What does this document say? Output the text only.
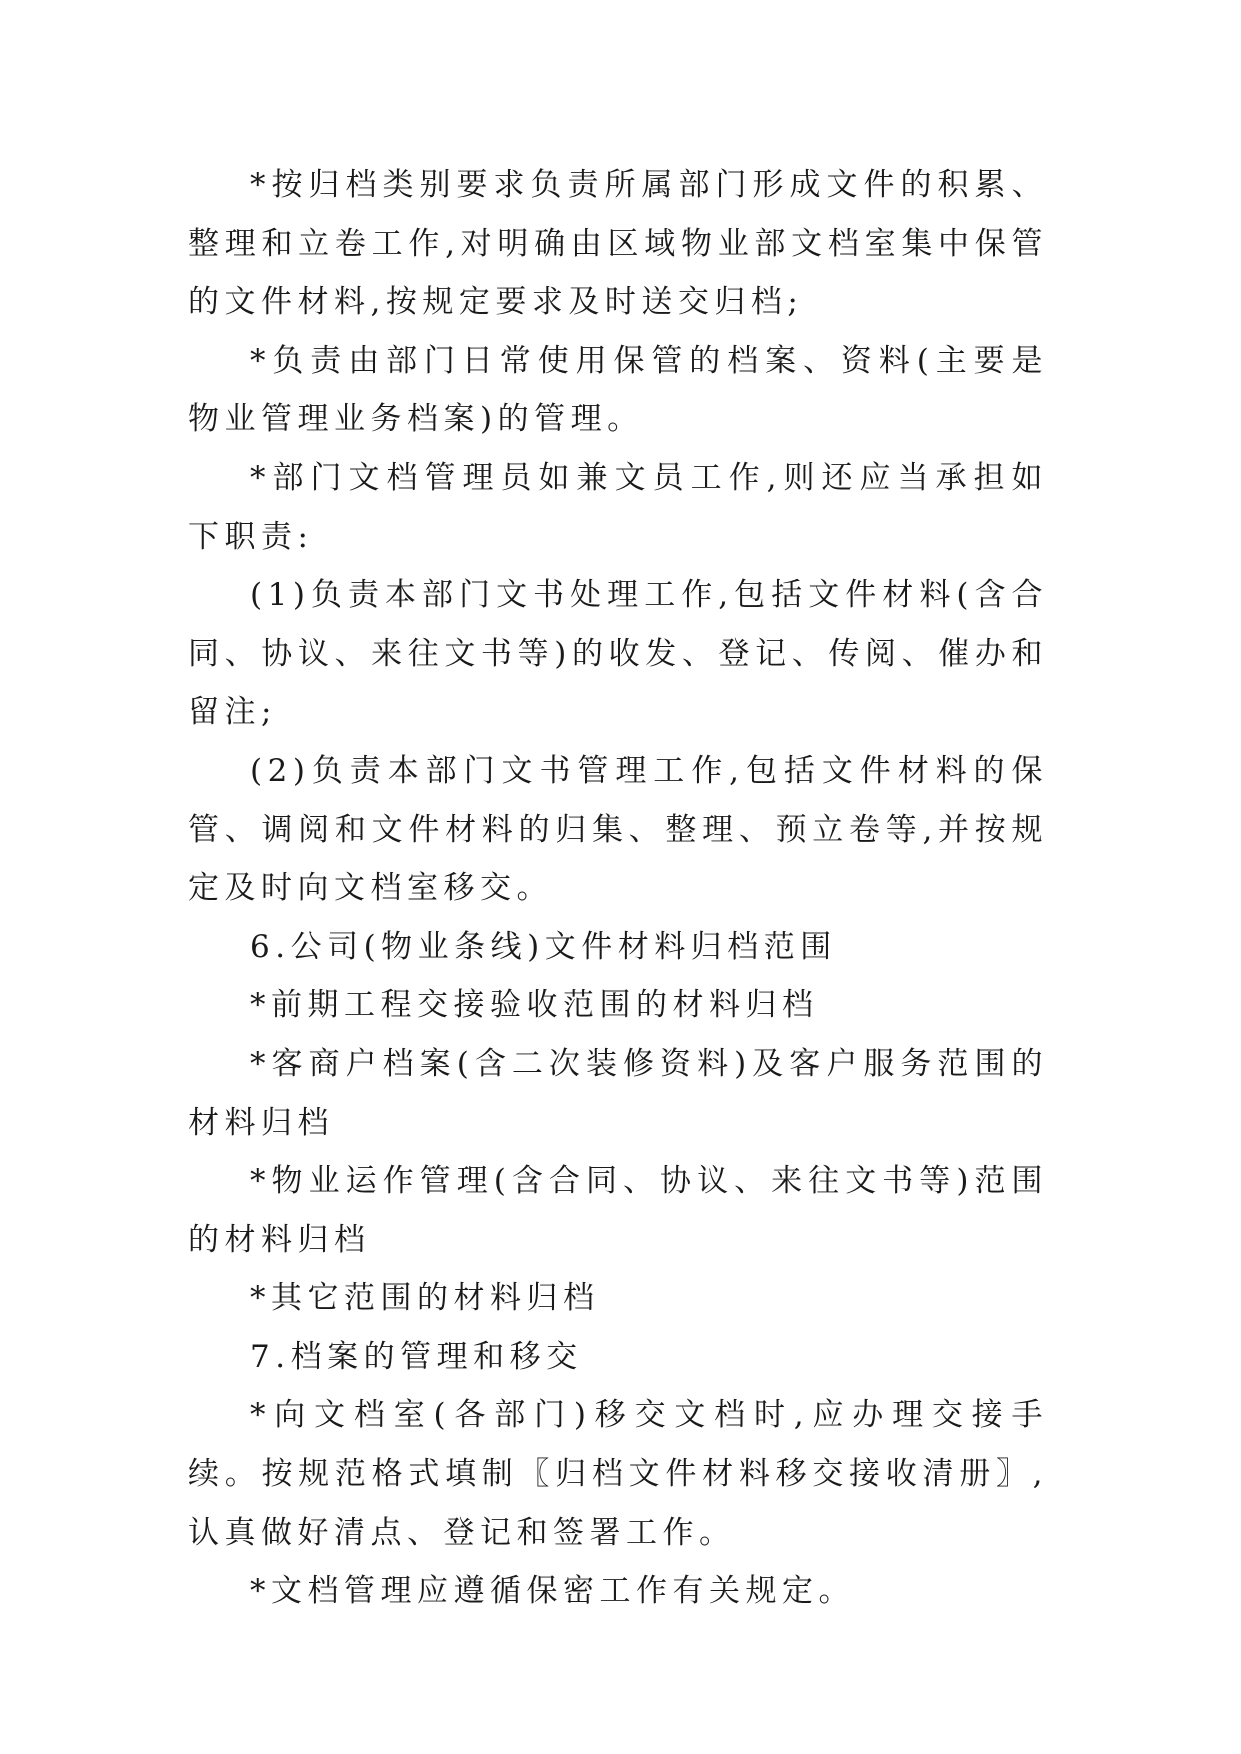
*按归档类别要求负责所属部门形成文件的积累、整理和立卷工作,对明确由区域物业部文档室集中保管的文件材料,按规定要求及时送交归档;

*负责由部门日常使用保管的档案、资料(主要是物业管理业务档案)的管理。

*部门文档管理员如兼文员工作,则还应当承担如下职责:

(1)负责本部门文书处理工作,包括文件材料(含合同、协议、来往文书等)的收发、登记、传阅、催办和留注;

(2)负责本部门文书管理工作,包括文件材料的保管、调阅和文件材料的归集、整理、预立卷等,并按规定及时向文档室移交。

6.公司(物业条线)文件材料归档范围

*前期工程交接验收范围的材料归档

*客商户档案(含二次装修资料)及客户服务范围的材料归档

*物业运作管理(含合同、协议、来往文书等)范围的材料归档

*其它范围的材料归档

7.档案的管理和移交

*向文档室(各部门)移交文档时,应办理交接手续。按规范格式填制〖归档文件材料移交接收清册〗,认真做好清点、登记和签署工作。

*文档管理应遵循保密工作有关规定。
